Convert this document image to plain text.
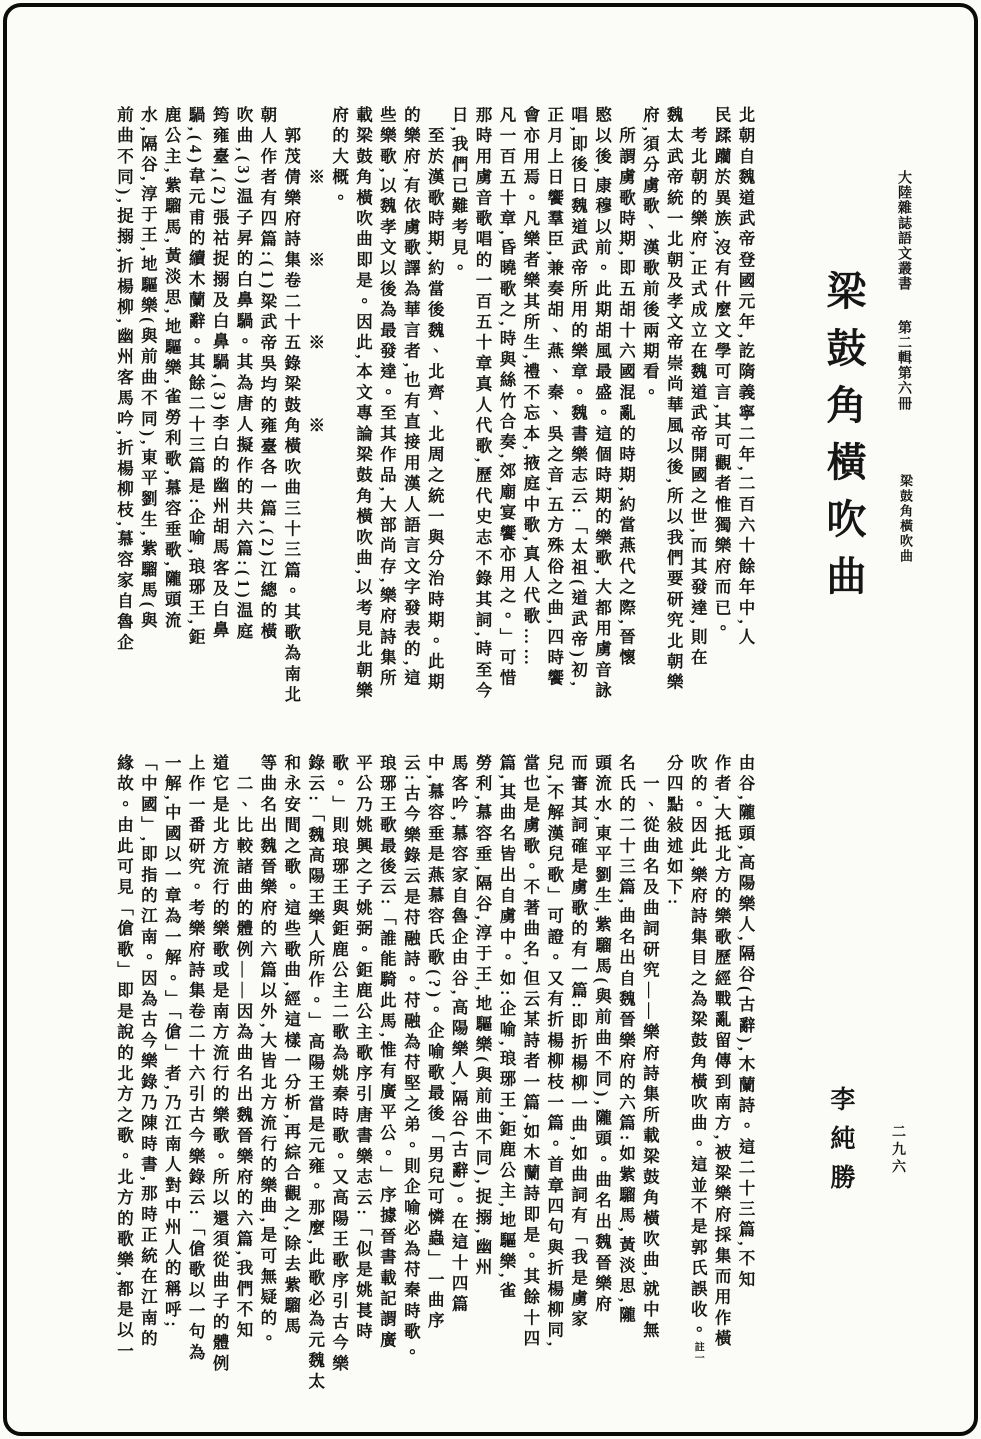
大陸雜誌語文叢書
第二輯第六冊
梁鼓角橫吹曲
梁鼓角橫吹曲
李純勝	二九六
北朝自魏道武帝登國元年,訖隋義寧二年,二百六十餘年中,人
民蹂躪於異族,沒有什麼文學可言,其可觀者惟獨樂府而已。
　考北朝的樂府,正式成立在魏道武帝開國之世,而其發達,則在
魏太武帝統一北朝及孝文帝崇尚華風以後,所以我們要研究北朝樂
府,須分虜歌、漢歌前後兩期看。
　所謂虜歌時期,即五胡十六國混亂的時期,約當燕代之際,晉懷
愍以後,康穆以前。此期胡風最盛。這個時期的樂歌,大都用虜音詠
唱,即後日魏道武帝所用的樂章。魏書樂志云:「太祖(道武帝)初,
正月上日饗羣臣,兼奏胡、燕、秦、吳之音,五方殊俗之曲,四時饗
會亦用焉。凡樂者樂其所生,禮不忘本,掖庭中歌,真人代歌……
凡一百五十章,昏曉歌之,時與絲竹合奏,郊廟宴饗亦用之。」可惜
那時用虜音歌唱的一百五十章真人代歌,歷代史志不錄其詞,時至今
日,我們已難考見。
　至於漢歌時期,約當後魏、北齊、北周之統一與分治時期。此期
的樂府,有依虜歌譯為華言者,也有直接用漢人語言文字發表的,這
些樂歌,以魏孝文以後為最發達。至其作品,大部尚存,樂府詩集所
載梁鼓角橫吹曲即是。因此,本文專論梁鼓角橫吹曲,以考見北朝樂
府的大概。
　　　※　　　※　　　※　　　※
　郭茂倩樂府詩集卷二十五錄梁鼓角橫吹曲三十三篇。其歌為南北
朝人作者有四篇:(1)梁武帝吳均的雍臺各一篇,(2)江總的橫
吹曲,(3)温子昇的白鼻騧。其為唐人擬作的共六篇:(1)温庭
筠雍臺,(2)張祜捉搦及白鼻騧,(3)李白的幽州胡馬客及白鼻
騧,(4)韋元甫的續木蘭辭。其餘二十三篇是:企喻,琅琊王,鉅
鹿公主,紫騮馬,黃淡思,地驅樂,雀勞利歌,慕容垂歌,隴頭流
水,隔谷,淳于王,地驅樂(與前曲不同),東平劉生,紫騮馬(與
前曲不同),捉搦,折楊柳,幽州客馬吟,折楊柳枝,慕容家自魯企
由谷,隴頭,高陽樂人,隔谷(古辭),木蘭詩。這二十三篇,不知
作者,大抵北方的樂歌歷經戰亂留傳到南方,被梁樂府採集而用作橫
吹的。因此,樂府詩集目之為梁鼓角橫吹曲。這並不是郭氏誤收。註一
分四點敍述如下:
　一、從曲名及曲詞研究——樂府詩集所載梁鼓角橫吹曲,就中無
名氏的二十三篇,曲名出自魏晉樂府的六篇:如紫騮馬,黃淡思,隴
頭流水,東平劉生,紫騮馬(與前曲不同),隴頭。曲名出魏晉樂府
而審其詞確是虜歌的有一篇:即折楊柳一曲,如曲詞有「我是虜家
兒,不解漢兒歌」可證。又有折楊柳枝一篇。首章四句與折楊柳同,
當也是虜歌。不著曲名,但云某詩者一篇,如木蘭詩即是。其餘十四
篇,其曲名皆出自虜中。如:企喻,琅琊王,鉅鹿公主,地驅樂,雀
勞利,慕容垂,隔谷,淳于王,地驅樂(與前曲不同),捉搦,幽州
馬客吟,慕容家自魯企由谷,高陽樂人,隔谷(古辭)。在這十四篇
中,慕容垂是燕慕容氏歌(?)。企喻歌最後「男兒可憐蟲」一曲序
云:古今樂錄云是苻融詩。苻融為苻堅之弟。則企喻必為苻秦時歌。
琅琊王歌最後云:「誰能騎此馬,惟有廣平公。」序據晉書載記謂廣
平公乃姚興之子姚弼。鉅鹿公主歌序引唐書樂志云:「似是姚萇時
歌。」則琅琊王與鉅鹿公主二歌為姚秦時歌。又高陽王歌序引古今樂
錄云:「魏高陽王樂人所作。」高陽王當是元雍。那麼,此歌必為元魏太
和永安間之歌。這些歌曲,經這樣一分析,再綜合觀之,除去紫騮馬
等曲名出魏晉樂府的六篇以外,大皆北方流行的樂曲,是可無疑的。
　二、比較諸曲的體例——因為曲名出魏晉樂府的六篇,我們不知
道它是北方流行的樂歌或是南方流行的樂歌。所以還須從曲子的體例
上作一番研究。考樂府詩集卷二十六引古今樂錄云:「傖歌以一句為
一解,中國以一章為一解。」「傖」者,乃江南人對中州人的稱呼;
「中國」,即指的江南。因為古今樂錄乃陳時書,那時正統在江南的
緣故。由此可見「傖歌」即是說的北方之歌。北方的歌樂,都是以一
